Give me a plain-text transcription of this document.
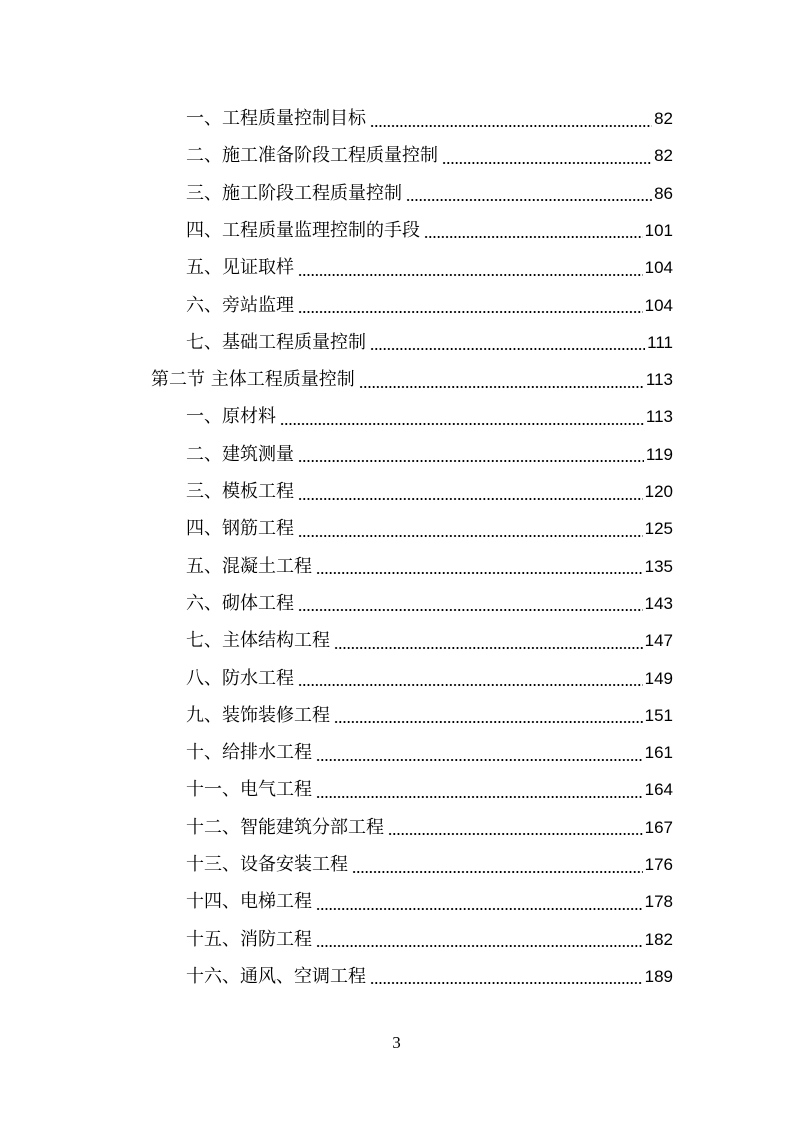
一、工程质量控制目标	82
二、施工准备阶段工程质量控制	82
三、施工阶段工程质量控制	86
四、工程质量监理控制的手段	101
五、见证取样	104
六、旁站监理	104
七、基础工程质量控制	111
第二节 主体工程质量控制	113
一、原材料	113
二、建筑测量	119
三、模板工程	120
四、钢筋工程	125
五、混凝土工程	135
六、砌体工程	143
七、主体结构工程	147
八、防水工程	149
九、装饰装修工程	151
十、给排水工程	161
十一、电气工程	164
十二、智能建筑分部工程	167
十三、设备安装工程	176
十四、电梯工程	178
十五、消防工程	182
十六、通风、空调工程	189
3
